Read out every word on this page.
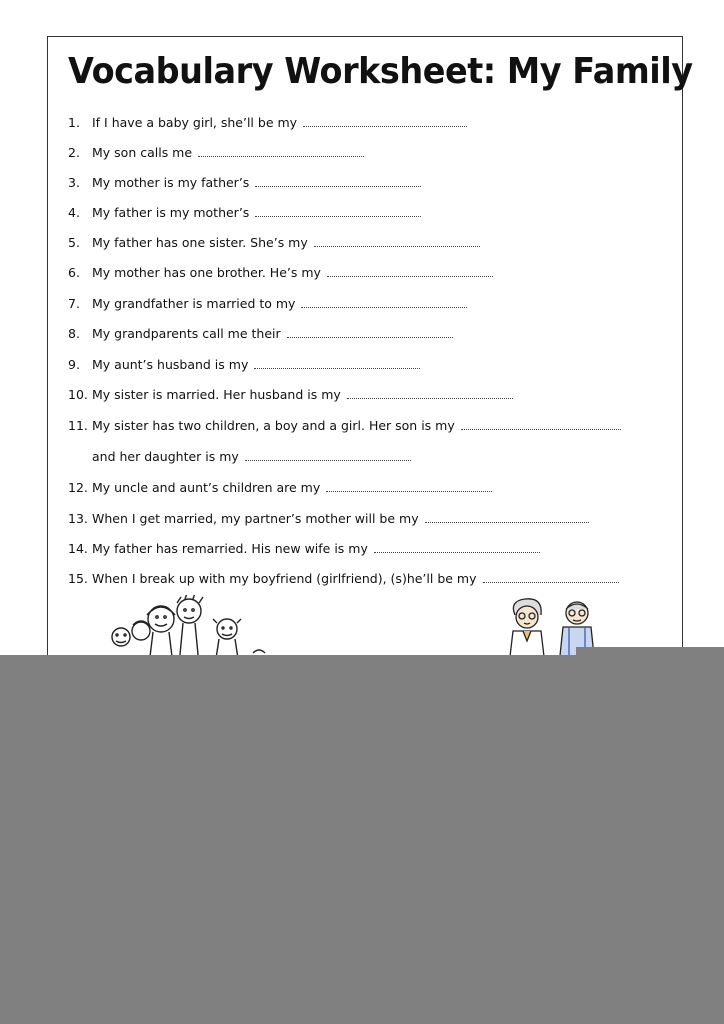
Vocabulary Worksheet: My Family
1. If I have a baby girl, she’ll be my
2. My son calls me
3. My mother is my father’s
4. My father is my mother’s
5. My father has one sister. She’s my
6. My mother has one brother. He’s my
7. My grandfather is married to my
8. My grandparents call me their
9. My aunt’s husband is my
10. My sister is married. Her husband is my
11. My sister has two children, a boy and a girl. Her son is my
and her daughter is my
12. My uncle and aunt’s children are my
13. When I get married, my partner’s mother will be my
14. My father has remarried. His new wife is my
15. When I break up with my boyfriend (girlfriend), (s)he’ll be my
